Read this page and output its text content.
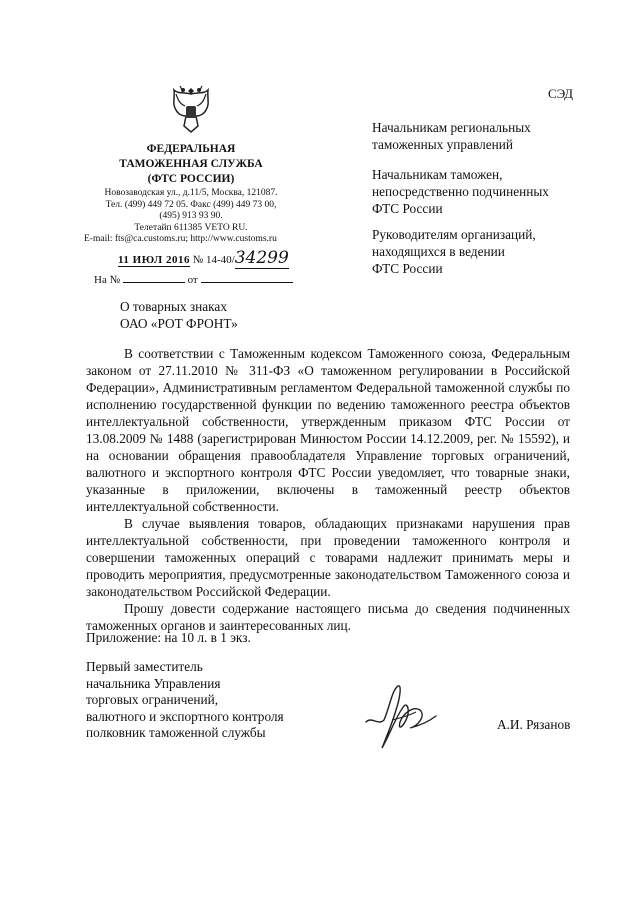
ФЕДЕРАЛЬНАЯ
ТАМОЖЕННАЯ СЛУЖБА
(ФТС РОССИИ)
Новозаводская ул., д.11/5, Москва, 121087.
Тел. (499) 449 72 05. Факс (499) 449 73 00,
(495) 913 93 90.
Телетайп 611385 VETO RU.
E-mail: fts@ca.customs.ru; http://www.customs.ru
11 ИЮЛ 2016 № 14-40/34299
На №	от
СЭД
Начальникам региональных
таможенных управлений
Начальникам таможен,
непосредственно подчиненных
ФТС России
Руководителям организаций,
находящихся в ведении
ФТС России
О товарных знаках
ОАО «РОТ ФРОНТ»

В соответствии с Таможенным кодексом Таможенного союза, Федеральным законом от 27.11.2010 № 311-ФЗ «О таможенном регулировании в Российской Федерации», Административным регламентом Федеральной таможенной службы по исполнению государственной функции по ведению таможенного реестра объектов интеллектуальной собственности, утвержденным приказом ФТС России от 13.08.2009 № 1488 (зарегистрирован Минюстом России 14.12.2009, рег. № 15592), и на основании обращения правообладателя Управление торговых ограничений, валютного и экспортного контроля ФТС России уведомляет, что товарные знаки, указанные в приложении, включены в таможенный реестр объектов интеллектуальной собственности.

В случае выявления товаров, обладающих признаками нарушения прав интеллектуальной собственности, при проведении таможенного контроля и совершении таможенных операций с товарами надлежит принимать меры и проводить мероприятия, предусмотренные законодательством Таможенного союза и законодательством Российской Федерации.

Прошу довести содержание настоящего письма до сведения подчиненных таможенных органов и заинтересованных лиц.

Приложение: на 10 л. в 1 экз.
Первый заместитель
начальника Управления
торговых ограничений,
валютного и экспортного контроля
полковник таможенной службы
А.И. Рязанов
